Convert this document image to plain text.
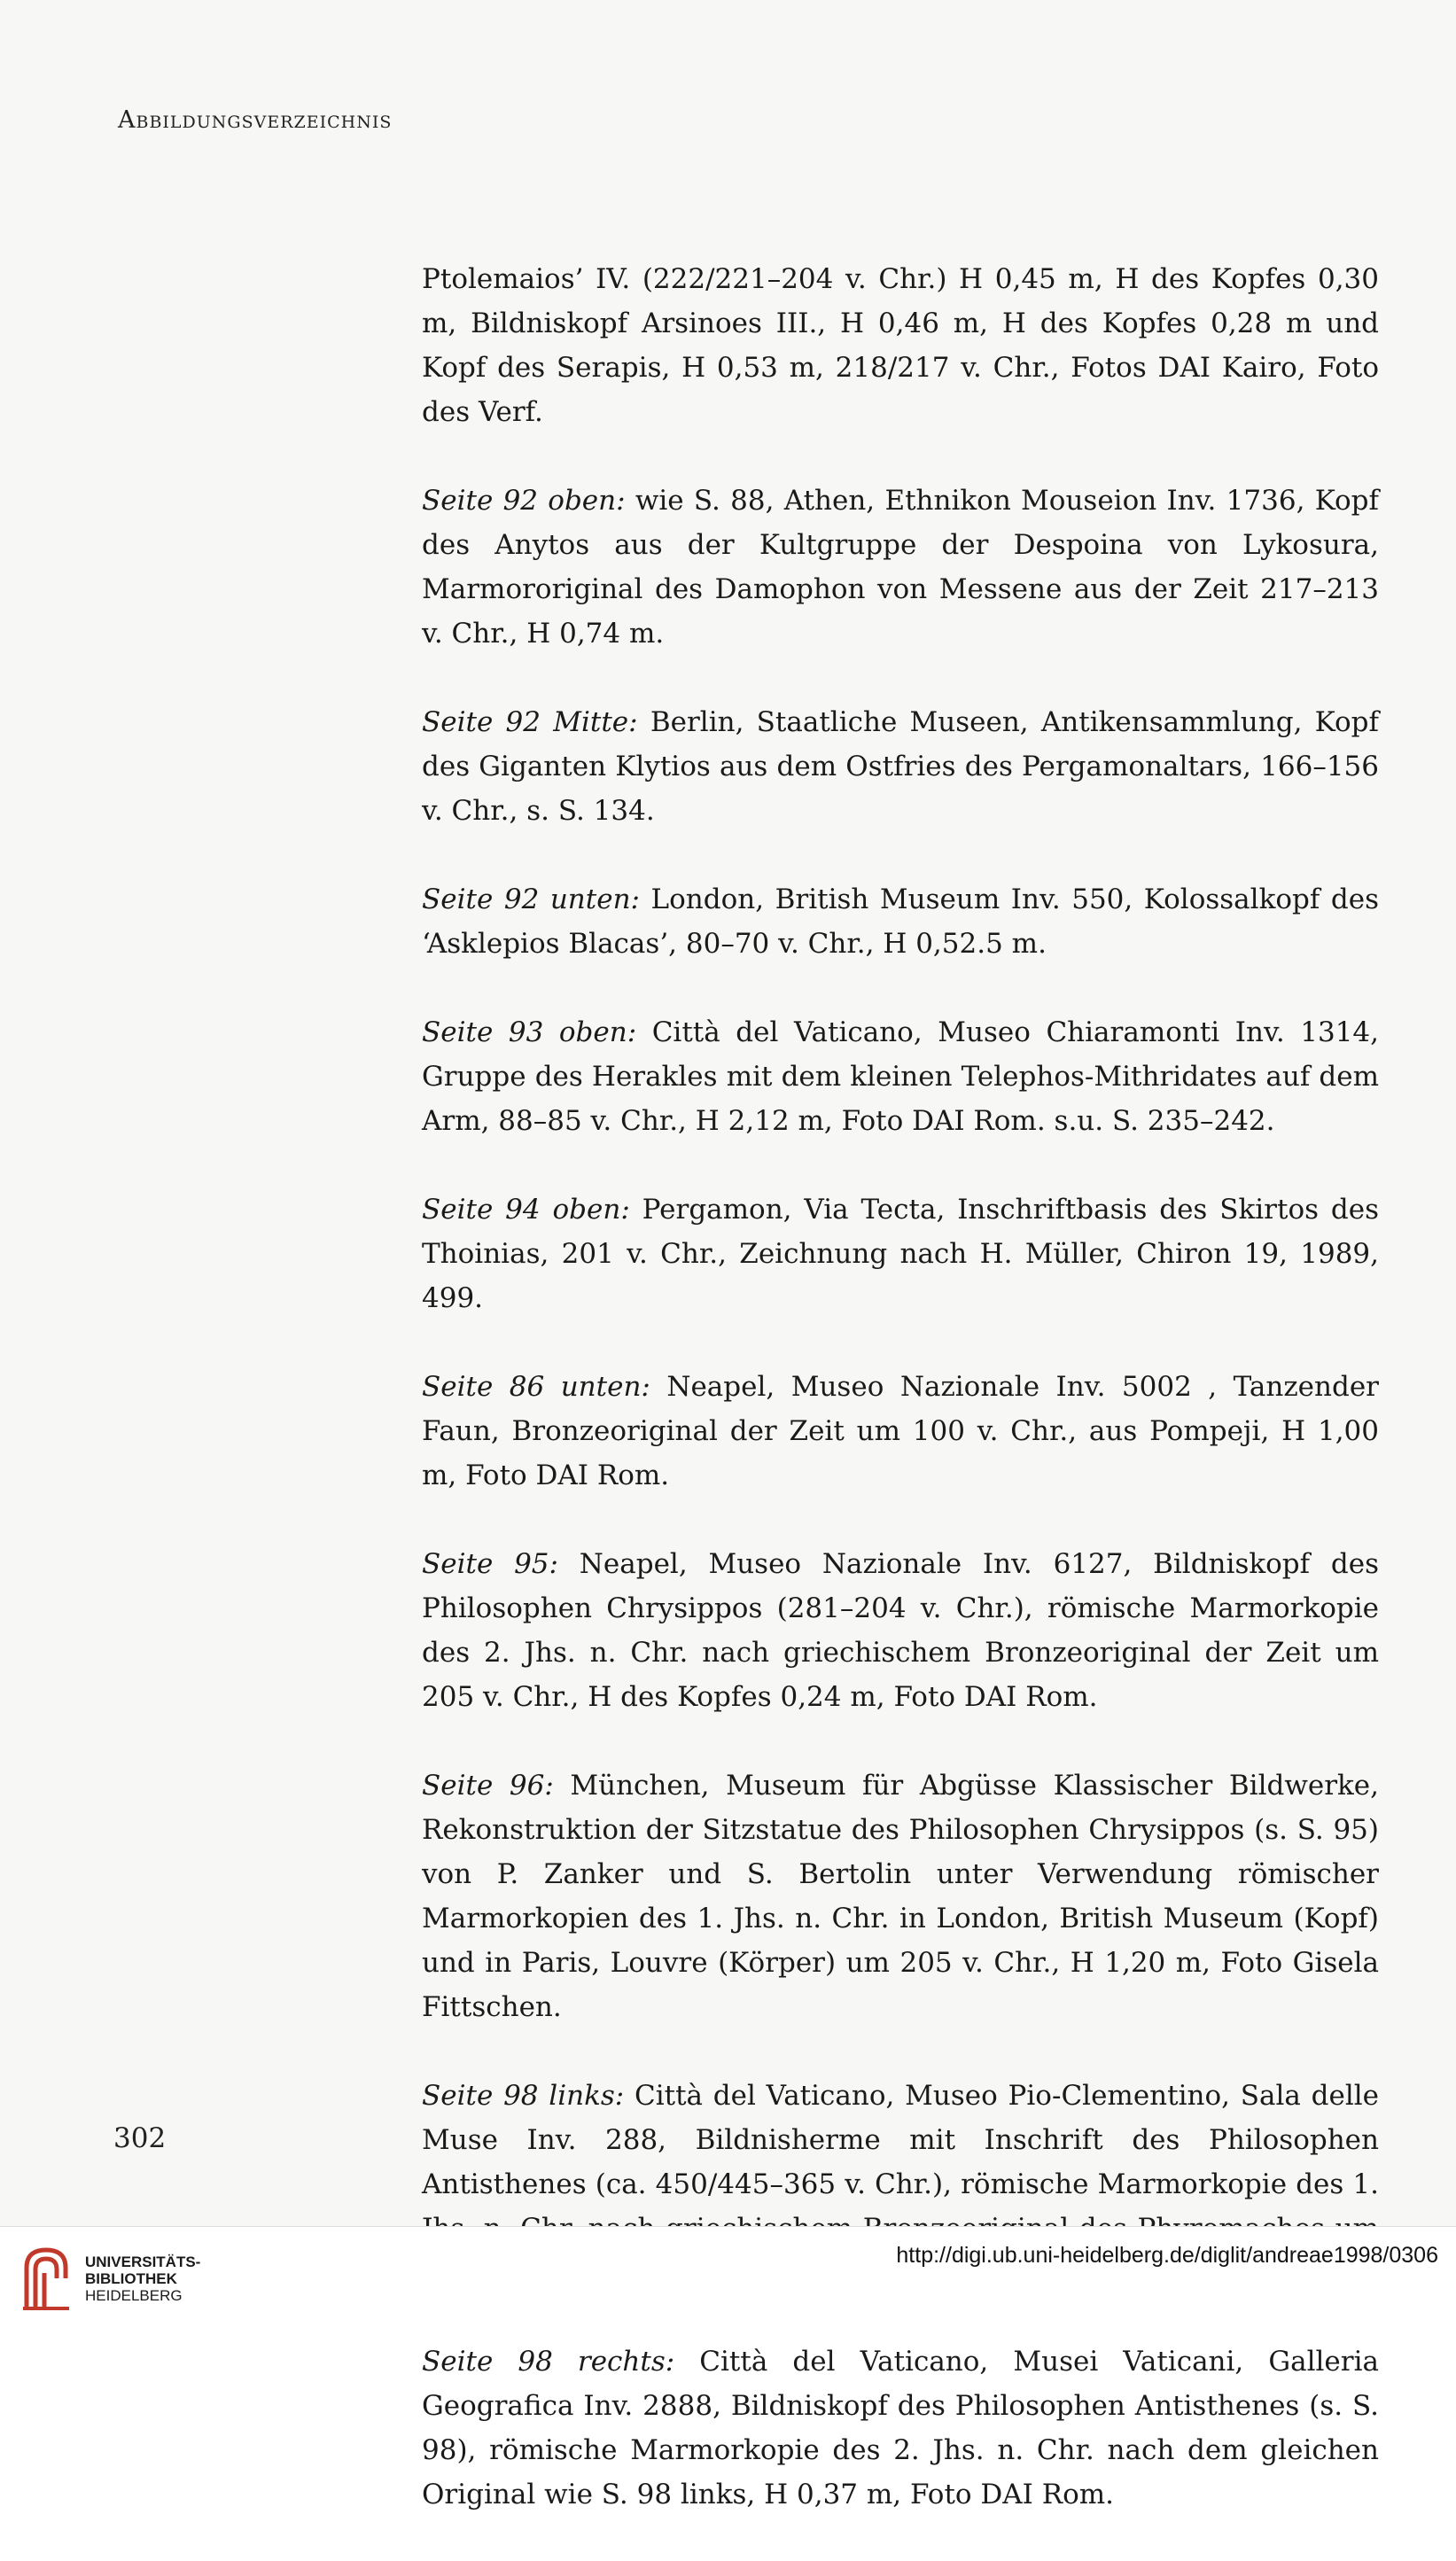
Abbildungsverzeichnis

Ptolemaios’ IV. (222/221–204 v. Chr.) H 0,45 m, H des Kopfes 0,30 m, Bildniskopf Arsinoes III., H 0,46 m, H des Kopfes 0,28 m und Kopf des Serapis, H 0,53 m, 218/217 v. Chr., Fotos DAI Kairo, Foto des Verf.

Seite 92 oben: wie S. 88, Athen, Ethnikon Mouseion Inv. 1736, Kopf des Anytos aus der Kultgruppe der Despoina von Lykosura, Marmororiginal des Damophon von Messene aus der Zeit 217–213 v. Chr., H 0,74 m.

Seite 92 Mitte: Berlin, Staatliche Museen, Antikensammlung, Kopf des Giganten Klytios aus dem Ostfries des Pergamonaltars, 166–156 v. Chr., s. S. 134.

Seite 92 unten: London, British Museum Inv. 550, Kolossalkopf des ‘Asklepios Blacas’, 80–70 v. Chr., H 0,52.5 m.

Seite 93 oben: Città del Vaticano, Museo Chiaramonti Inv. 1314, Gruppe des Herakles mit dem kleinen Telephos-Mithridates auf dem Arm, 88–85 v. Chr., H 2,12 m, Foto DAI Rom. s.u. S. 235–242.

Seite 94 oben: Pergamon, Via Tecta, Inschriftbasis des Skirtos des Thoinias, 201 v. Chr., Zeichnung nach H. Müller, Chiron 19, 1989, 499.

Seite 86 unten: Neapel, Museo Nazionale Inv. 5002 , Tanzender Faun, Bronzeoriginal der Zeit um 100 v. Chr., aus Pompeji, H 1,00 m, Foto DAI Rom.

Seite 95: Neapel, Museo Nazionale Inv. 6127, Bildniskopf des Philosophen Chrysippos (281–204 v. Chr.), römische Marmorkopie des 2. Jhs. n. Chr. nach griechischem Bronzeoriginal der Zeit um 205 v. Chr., H des Kopfes 0,24 m, Foto DAI Rom.

Seite 96: München, Museum für Abgüsse Klassischer Bildwerke, Rekonstruktion der Sitzstatue des Philosophen Chrysippos (s. S. 95) von P. Zanker und S. Bertolin unter Verwendung römischer Marmorkopien des 1. Jhs. n. Chr. in London, British Museum (Kopf) und in Paris, Louvre (Körper) um 205 v. Chr., H 1,20 m, Foto Gisela Fittschen.

Seite 98 links: Città del Vaticano, Museo Pio-Clementino, Sala delle Muse Inv. 288, Bildnisherme mit Inschrift des Philosophen Antisthenes (ca. 450/445–365 v. Chr.), römische Marmorkopie des 1.

Seite 98 rechts: Città del Vaticano, Musei Vaticani, Galleria Geografica Inv. 2888, Bildniskopf des Philosophen Antisthenes (s. S. 98), römische Marmorkopie des 2. Jhs. n. Chr. nach dem gleichen Original wie S. 98 links, H 0,37 m, Foto DAI Rom.

302
UNIVERSITÄTS-
BIBLIOTHEK
HEIDELBERG
http://digi.ub.uni-heidelberg.de/diglit/andreae1998/0306
